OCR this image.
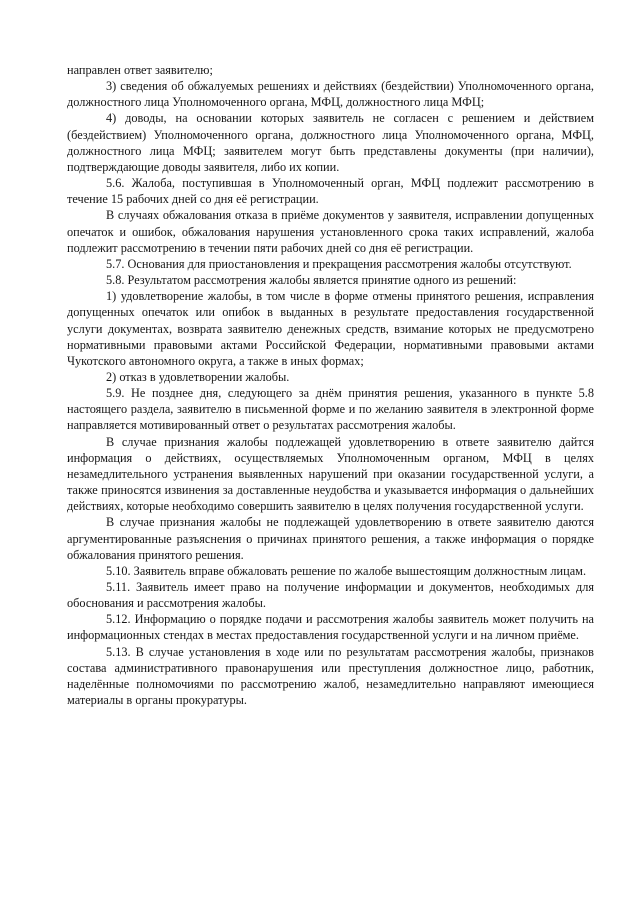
направлен ответ заявителю;

3) сведения об обжалуемых решениях и действиях (бездействии) Уполномоченного органа, должностного лица Уполномоченного органа, МФЦ, должностного лица МФЦ;

4) доводы, на основании которых заявитель не согласен с решением и действием (бездействием) Уполномоченного органа, должностного лица Уполномоченного органа, МФЦ, должностного лица МФЦ; заявителем могут быть представлены документы (при наличии), подтверждающие доводы заявителя, либо их копии.

5.6. Жалоба, поступившая в Уполномоченный орган, МФЦ подлежит рассмотрению в течение 15 рабочих дней со дня её регистрации.

В случаях обжалования отказа в приёме документов у заявителя, исправлении допущенных опечаток и ошибок, обжалования нарушения установленного срока таких исправлений, жалоба подлежит рассмотрению в течении пяти рабочих дней со дня её регистрации.

5.7. Основания для приостановления и прекращения рассмотрения жалобы отсутствуют.

5.8. Результатом рассмотрения жалобы является принятие одного из решений:

1) удовлетворение жалобы, в том числе в форме отмены принятого решения, исправления допущенных опечаток или опибок в выданных в результате предоставления государственной услуги документах, возврата заявителю денежных средств, взимание которых не предусмотрено нормативными правовыми актами Российской Федерации, нормативными правовыми актами Чукотского автономного округа, а также в иных формах;

2) отказ в удовлетворении жалобы.

5.9. Не позднее дня, следующего за днём принятия решения, указанного в пункте 5.8 настоящего раздела, заявителю в письменной форме и по желанию заявителя в электронной форме направляется мотивированный ответ о результатах рассмотрения жалобы.

В случае признания жалобы подлежащей удовлетворению в ответе заявителю дайтся информация о действиях, осуществляемых Уполномоченным органом, МФЦ в целях незамедлительного устранения выявленных нарушений при оказании государственной услуги, а также приносятся извинения за доставленные неудобства и указывается информация о дальнейших действиях, которые необходимо совершить заявителю в целях получения государственной услуги.

В случае признания жалобы не подлежащей удовлетворению в ответе заявителю даются аргументированные разъяснения о причинах принятого решения, а также информация о порядке обжалования принятого решения.

5.10. Заявитель вправе обжаловать решение по жалобе вышестоящим должностным лицам.

5.11. Заявитель имеет право на получение информации и документов, необходимых для обоснования и рассмотрения жалобы.

5.12. Информацию о порядке подачи и рассмотрения жалобы заявитель может получить на информационных стендах в местах предоставления государственной услуги и на личном приёме.

5.13. В случае установления в ходе или по результатам рассмотрения жалобы, признаков состава административного правонарушения или преступления должностное лицо, работник, наделённые полномочиями по рассмотрению жалоб, незамедлительно направляют имеющиеся материалы в органы прокуратуры.
